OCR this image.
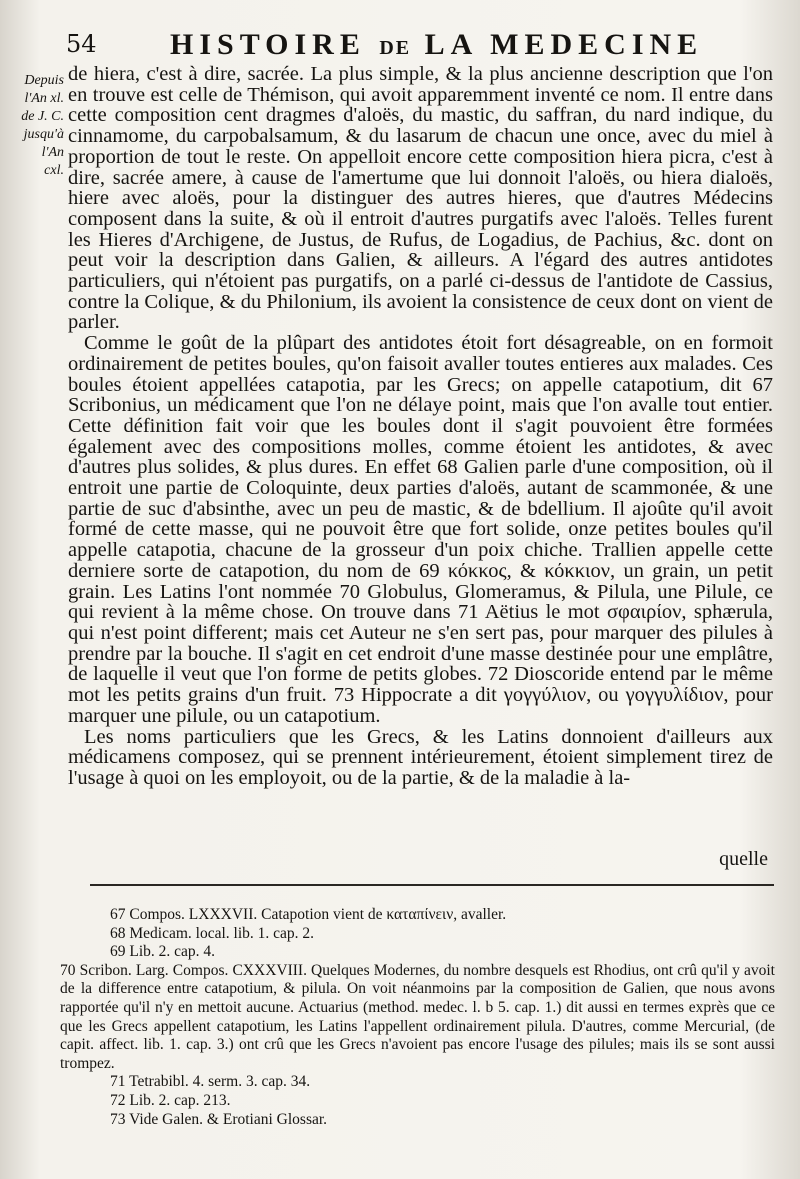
54 HISTOIRE DE LA MEDECINE
Depuis
l'An xl.
de J. C.
jusqu'à
l'An
cxl.

de hiera, c'est à dire, sacrée. La plus simple, & la plus ancienne description que l'on en trouve est celle de Thémison, qui avoit apparemment inventé ce nom. Il entre dans cette composition cent dragmes d'aloës, du mastic, du saffran, du nard indique, du cinnamome, du carpobalsamum, & du lasarum de chacun une once, avec du miel à proportion de tout le reste. On appelloit encore cette composition hiera picra, c'est à dire, sacrée amere, à cause de l'amertume que lui donnoit l'aloës, ou hiera dialoës, hiere avec aloës, pour la distinguer des autres hieres, que d'autres Médecins composent dans la suite, & où il entroit d'autres purgatifs avec l'aloës. Telles furent les Hieres d'Archigene, de Justus, de Rufus, de Logadius, de Pachius, &c. dont on peut voir la description dans Galien, & ailleurs. A l'égard des autres antidotes particuliers, qui n'étoient pas purgatifs, on a parlé ci-dessus de l'antidote de Cassius, contre la Colique, & du Philonium, ils avoient la consistence de ceux dont on vient de parler.

Comme le goût de la plûpart des antidotes étoit fort désagreable, on en formoit ordinairement de petites boules, qu'on faisoit avaller toutes entieres aux malades. Ces boules étoient appellées catapotia, par les Grecs; on appelle catapotium, dit 67 Scribonius, un médicament que l'on ne délaye point, mais que l'on avalle tout entier. Cette définition fait voir que les boules dont il s'agit pouvoient être formées également avec des compositions molles, comme étoient les antidotes, & avec d'autres plus solides, & plus dures. En effet 68 Galien parle d'une composition, où il entroit une partie de Coloquinte, deux parties d'aloës, autant de scammonée, & une partie de suc d'absinthe, avec un peu de mastic, & de bdellium. Il ajoûte qu'il avoit formé de cette masse, qui ne pouvoit être que fort solide, onze petites boules qu'il appelle catapotia, chacune de la grosseur d'un poix chiche. Trallien appelle cette derniere sorte de catapotion, du nom de 69 κόκκος, & κόκκιον, un grain, un petit grain. Les Latins l'ont nommée 70 Globulus, Glomeramus, & Pilula, une Pilule, ce qui revient à la même chose. On trouve dans 71 Aëtius le mot σφαιρίον, sphærula, qui n'est point different; mais cet Auteur ne s'en sert pas, pour marquer des pilules à prendre par la bouche. Il s'agit en cet endroit d'une masse destinée pour une emplâtre, de laquelle il veut que l'on forme de petits globes. 72 Dioscoride entend par le même mot les petits grains d'un fruit. 73 Hippocrate a dit γογγύλιον, ou γογγυλίδιον, pour marquer une pilule, ou un catapotium.

Les noms particuliers que les Grecs, & les Latins donnoient d'ailleurs aux médicamens composez, qui se prennent intérieurement, étoient simplement tirez de l'usage à quoi on les employoit, ou de la partie, & de la maladie à la-

quelle

67 Compos. LXXXVII. Catapotion vient de καταπίνειν, avaller.

68 Medicam. local. lib. 1. cap. 2.

69 Lib. 2. cap. 4.

70 Scribon. Larg. Compos. CXXXVIII. Quelques Modernes, du nombre desquels est Rhodius, ont crû qu'il y avoit de la difference entre catapotium, & pilula. On voit néanmoins par la composition de Galien, que nous avons rapportée qu'il n'y en mettoit aucune. Actuarius (method. medec. l. b 5. cap. 1.) dit aussi en termes exprès que ce que les Grecs appellent catapotium, les Latins l'appellent ordinairement pilula. D'autres, comme Mercurial, (de capit. affect. lib. 1. cap. 3.) ont crû que les Grecs n'avoient pas encore l'usage des pilules; mais ils se sont aussi trompez.

71 Tetrabibl. 4. serm. 3. cap. 34.

72 Lib. 2. cap. 213.

73 Vide Galen. & Erotiani Glossar.
